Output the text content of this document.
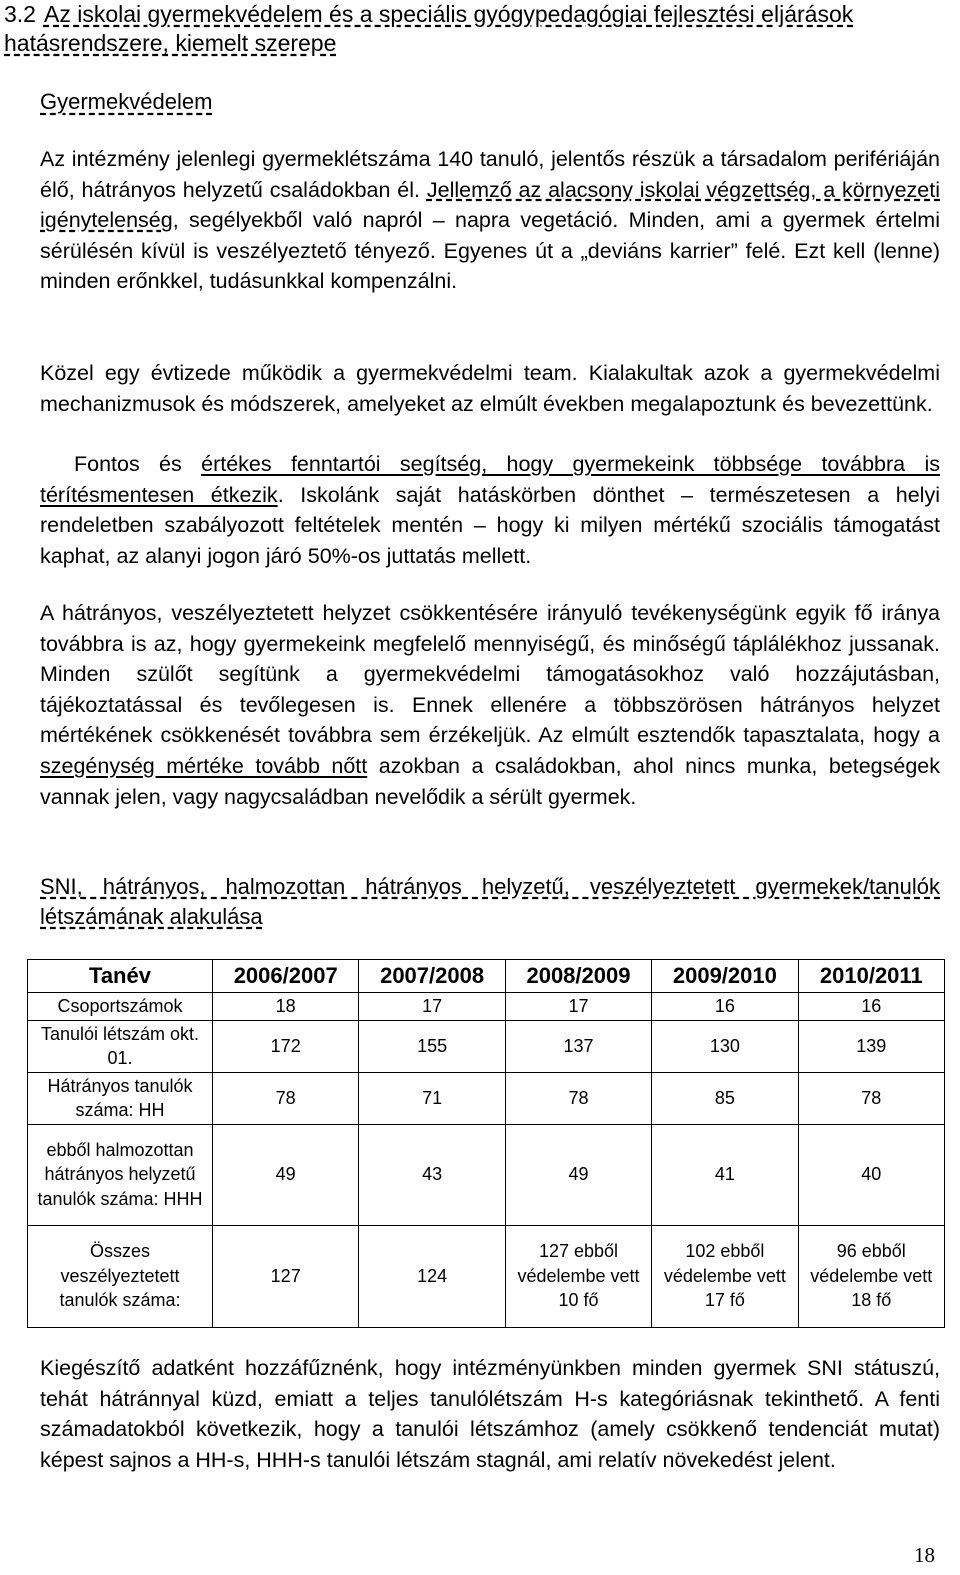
3.2 Az iskolai gyermekvédelem és a speciális gyógypedagógiai fejlesztési eljárások hatásrendszere, kiemelt szerepe
Gyermekvédelem

Az intézmény jelenlegi gyermeklétszáma 140 tanuló, jelentős részük a társadalom perifériáján élő, hátrányos helyzetű családokban él. Jellemző az alacsony iskolai végzettség, a környezeti igénytelenség, segélyekből való napról – napra vegetáció. Minden, ami a gyermek értelmi sérülésén kívül is veszélyeztető tényező. Egyenes út a „deviáns karrier” felé. Ezt kell (lenne) minden erőnkkel, tudásunkkal kompenzálni.

Közel egy évtizede működik a gyermekvédelmi team. Kialakultak azok a gyermekvédelmi mechanizmusok és módszerek, amelyeket az elmúlt években megalapoztunk és bevezettünk.

Fontos és értékes fenntartói segítség, hogy gyermekeink többsége továbbra is térítésmentesen étkezik. Iskolánk saját hatáskörben dönthet – természetesen a helyi rendeletben szabályozott feltételek mentén – hogy ki milyen mértékű szociális támogatást kaphat, az alanyi jogon járó 50%-os juttatás mellett.

A hátrányos, veszélyeztetett helyzet csökkentésére irányuló tevékenységünk egyik fő iránya továbbra is az, hogy gyermekeink megfelelő mennyiségű, és minőségű táplálékhoz jussanak. Minden szülőt segítünk a gyermekvédelmi támogatásokhoz való hozzájutásban, tájékoztatással és tevőlegesen is. Ennek ellenére a többszörösen hátrányos helyzet mértékének csökkenését továbbra sem érzékeljük. Az elmúlt esztendők tapasztalata, hogy a szegénység mértéke tovább nőtt azokban a családokban, ahol nincs munka, betegségek vannak jelen, vagy nagycsaládban nevelődik a sérült gyermek.

SNI, hátrányos, halmozottan hátrányos helyzetű, veszélyeztetett gyermekek/tanulók létszámának alakulása
Tanév	2006/2007	2007/2008	2008/2009	2009/2010	2010/2011
Csoportszámok	18	17	17	16	16
Tanulói létszám okt. 01.	172	155	137	130	139
Hátrányos tanulók száma: HH	78	71	78	85	78
ebből halmozottan hátrányos helyzetű tanulók száma: HHH	49	43	49	41	40
Összes veszélyeztetett tanulók száma:	127	124	127 ebből védelembe vett 10 fő	102 ebből védelembe vett 17 fő	96 ebből védelembe vett 18 fő

Kiegészítő adatként hozzáfűznénk, hogy intézményünkben minden gyermek SNI státuszú, tehát hátránnyal küzd, emiatt a teljes tanulólétszám H-s kategóriásnak tekinthető. A fenti számadatokból következik, hogy a tanulói létszámhoz (amely csökkenő tendenciát mutat) képest sajnos a HH-s, HHH-s tanulói létszám stagnál, ami relatív növekedést jelent.

18
